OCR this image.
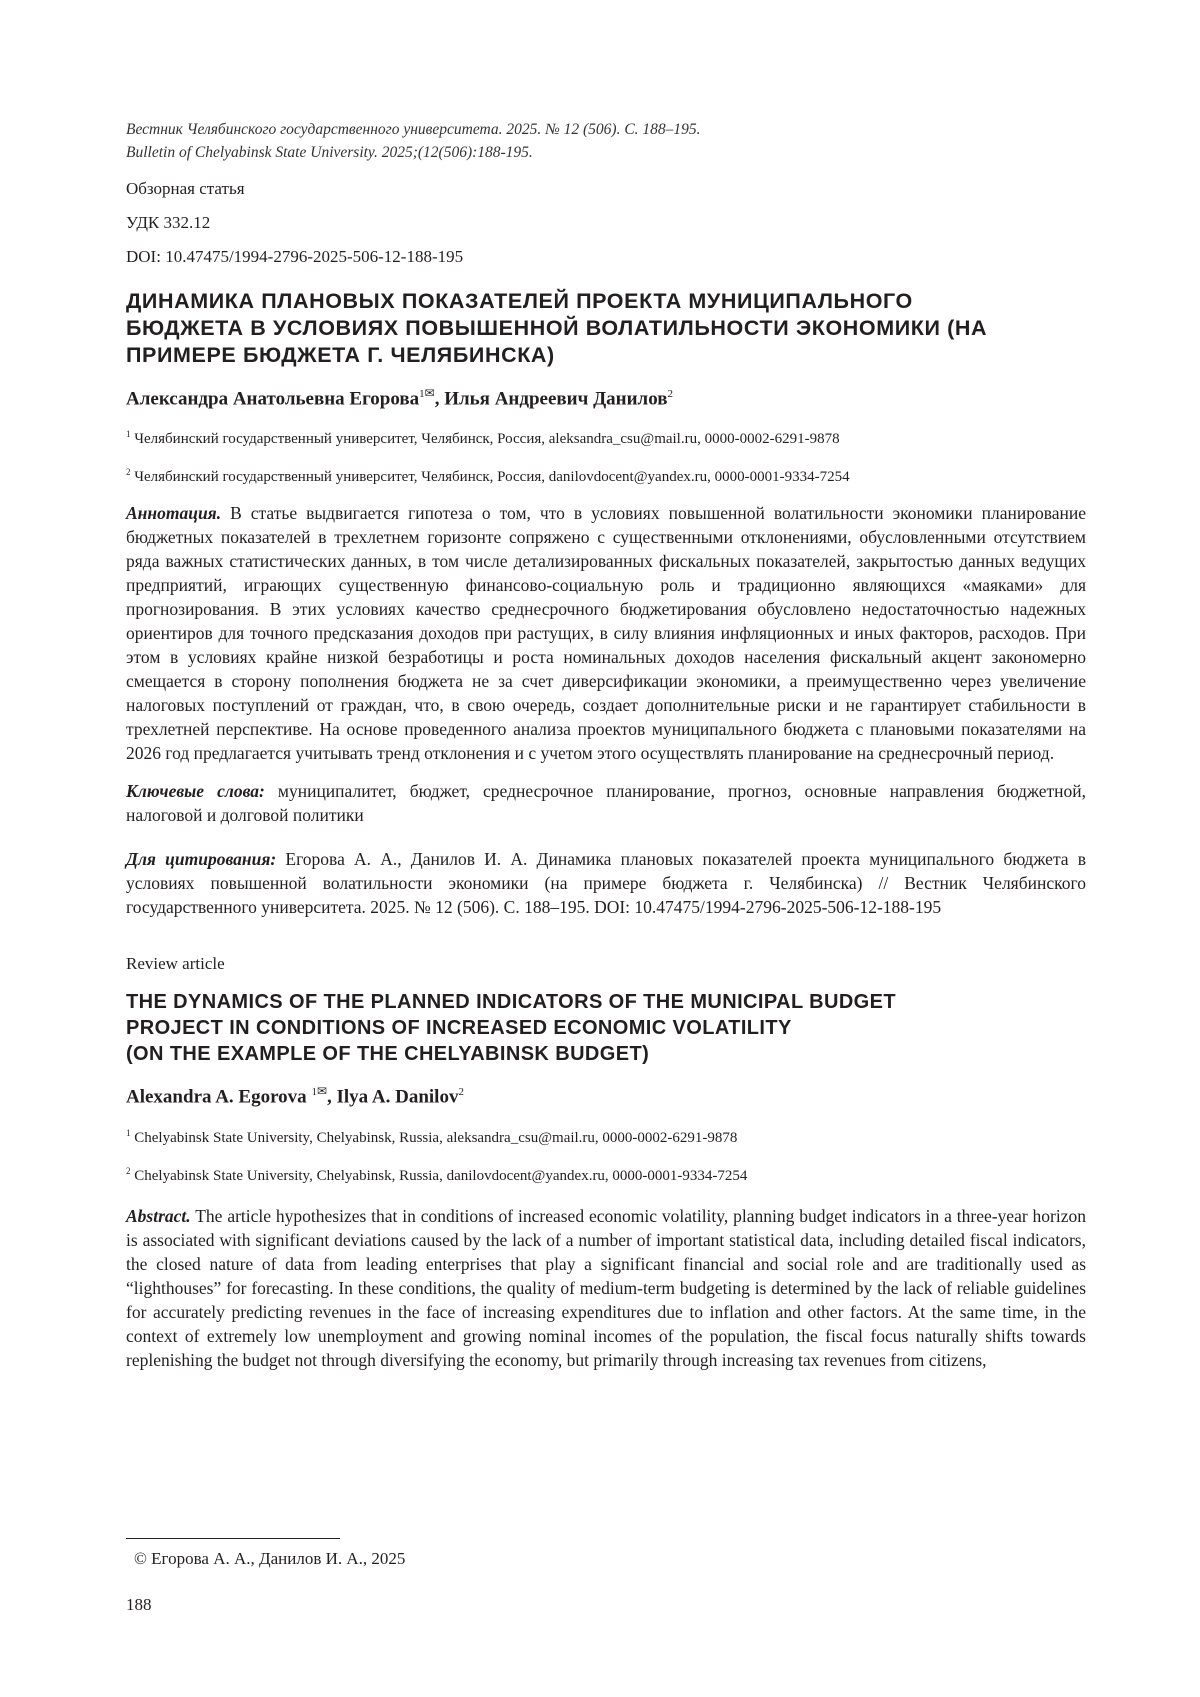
Вестник Челябинского государственного университета. 2025. № 12 (506). С. 188–195.
Bulletin of Chelyabinsk State University. 2025;(12(506):188-195.
Обзорная статья
УДК 332.12
DOI: 10.47475/1994-2796-2025-506-12-188-195
ДИНАМИКА ПЛАНОВЫХ ПОКАЗАТЕЛЕЙ ПРОЕКТА МУНИЦИПАЛЬНОГО БЮДЖЕТА В УСЛОВИЯХ ПОВЫШЕННОЙ ВОЛАТИЛЬНОСТИ ЭКОНОМИКИ (НА ПРИМЕРЕ БЮДЖЕТА Г. ЧЕЛЯБИНСКА)
Александра Анатольевна Егорова$^{1✉}$, Илья Андреевич Данилов$^2$
$^1$ Челябинский государственный университет, Челябинск, Россия, aleksandra_csu@mail.ru, 0000-0002-6291-9878
$^2$ Челябинский государственный университет, Челябинск, Россия, danilovdocent@yandex.ru, 0000-0001-9334-7254
Аннотация. В статье выдвигается гипотеза о том, что в условиях повышенной волатильности экономики планирование бюджетных показателей в трехлетнем горизонте сопряжено с существенными отклонениями, обусловленными отсутствием ряда важных статистических данных, в том числе детализированных фискальных показателей, закрытостью данных ведущих предприятий, играющих существенную финансово-социальную роль и традиционно являющихся «маяками» для прогнозирования. В этих условиях качество среднесрочного бюджетирования обусловлено недостаточностью надежных ориентиров для точного предсказания доходов при растущих, в силу влияния инфляционных и иных факторов, расходов. При этом в условиях крайне низкой безработицы и роста номинальных доходов населения фискальный акцент закономерно смещается в сторону пополнения бюджета не за счет диверсификации экономики, а преимущественно через увеличение налоговых поступлений от граждан, что, в свою очередь, создает дополнительные риски и не гарантирует стабильности в трехлетней перспективе. На основе проведенного анализа проектов муниципального бюджета с плановыми показателями на 2026 год предлагается учитывать тренд отклонения и с учетом этого осуществлять планирование на среднесрочный период.
Ключевые слова: муниципалитет, бюджет, среднесрочное планирование, прогноз, основные направления бюджетной, налоговой и долговой политики
Для цитирования: Егорова А. А., Данилов И. А. Динамика плановых показателей проекта муниципального бюджета в условиях повышенной волатильности экономики (на примере бюджета г. Челябинска) // Вестник Челябинского государственного университета. 2025. № 12 (506). С. 188–195. DOI: 10.47475/1994-2796-2025-506-12-188-195
Review article
THE DYNAMICS OF THE PLANNED INDICATORS OF THE MUNICIPAL BUDGET
PROJECT IN CONDITIONS OF INCREASED ECONOMIC VOLATILITY
(ON THE EXAMPLE OF THE CHELYABINSK BUDGET)
Alexandra A. Egorova $^{1✉}$, Ilya A. Danilov$^2$
$^1$ Chelyabinsk State University, Chelyabinsk, Russia, aleksandra_csu@mail.ru, 0000-0002-6291-9878
$^2$ Chelyabinsk State University, Chelyabinsk, Russia, danilovdocent@yandex.ru, 0000-0001-9334-7254
Abstract. The article hypothesizes that in conditions of increased economic volatility, planning budget indicators in a three-year horizon is associated with significant deviations caused by the lack of a number of important statistical data, including detailed fiscal indicators, the closed nature of data from leading enterprises that play a significant financial and social role and are traditionally used as “lighthouses” for forecasting. In these conditions, the quality of medium-term budgeting is determined by the lack of reliable guidelines for accurately predicting revenues in the face of increasing expenditures due to inflation and other factors. At the same time, in the context of extremely low unemployment and growing nominal incomes of the population, the fiscal focus naturally shifts towards replenishing the budget not through diversifying the economy, but primarily through increasing tax revenues from citizens,
© Егорова А. А., Данилов И. А., 2025
188
